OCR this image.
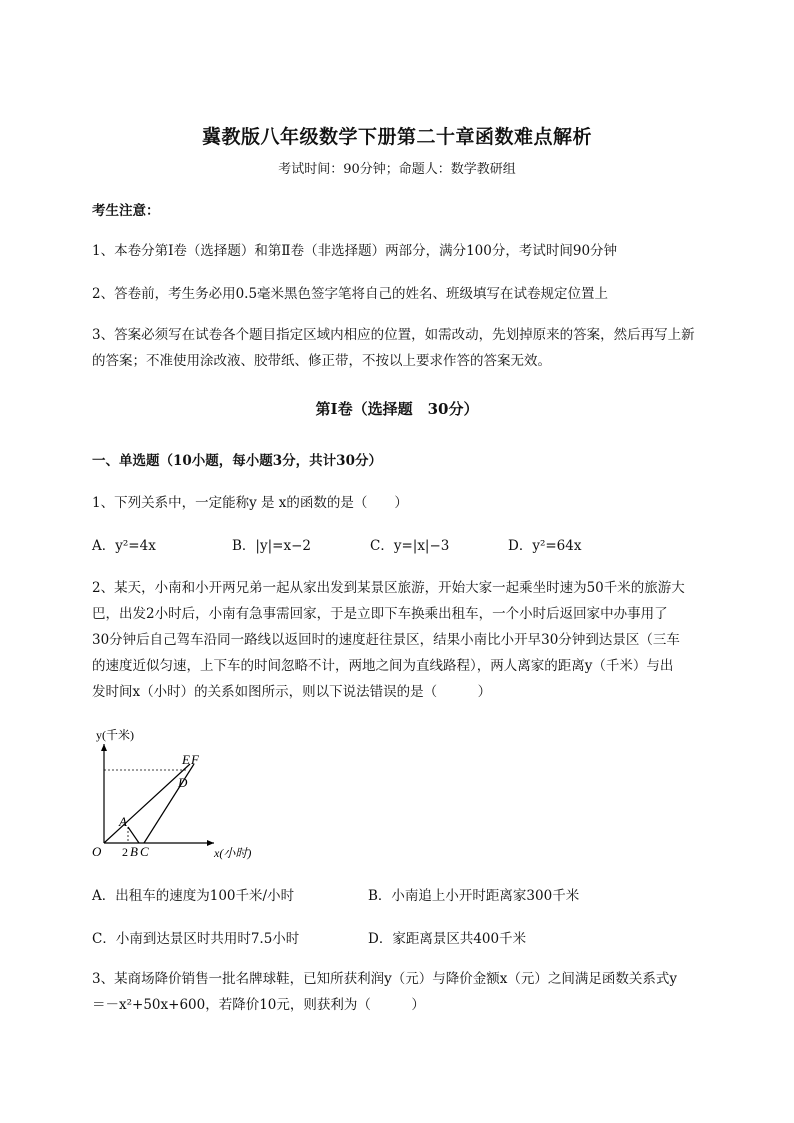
冀教版八年级数学下册第二十章函数难点解析
考试时间：90分钟；命题人：数学教研组
考生注意：
1、本卷分第I卷（选择题）和第Ⅱ卷（非选择题）两部分，满分100分，考试时间90分钟
2、答卷前，考生务必用0.5毫米黑色签字笔将自己的姓名、班级填写在试卷规定位置上
3、答案必须写在试卷各个题目指定区域内相应的位置，如需改动，先划掉原来的答案，然后再写上新
的答案；不准使用涂改液、胶带纸、修正带，不按以上要求作答的答案无效。
第I卷（选择题　30分）
一、单选题（10小题，每小题3分，共计30分）
1、下列关系中，一定能称y 是 x的函数的是（　　）
A．y²=4x	B．|y|=x−2	C．y=|x|−3	D．y²=64x
2、某天，小南和小开两兄弟一起从家出发到某景区旅游，开始大家一起乘坐时速为50千米的旅游大
巴，出发2小时后，小南有急事需回家，于是立即下车换乘出租车，一个小时后返回家中办事用了
30分钟后自己驾车沿同一路线以返回时的速度赶往景区，结果小南比小开早30分钟到达景区（三车
的速度近似匀速，上下车的时间忽略不计，两地之间为直线路程），两人离家的距离y（千米）与出
发时间x（小时）的关系如图所示，则以下说法错误的是（　　　）
y(千米)
x(小时)
O
A
2 B C
D
E F
A．出租车的速度为100千米/小时	B．小南追上小开时距离家300千米
C．小南到达景区时共用时7.5小时	D．家距离景区共400千米
3、某商场降价销售一批名牌球鞋，已知所获利润y（元）与降价金额x（元）之间满足函数关系式y
＝－x²+50x+600，若降价10元，则获利为（　　　）
